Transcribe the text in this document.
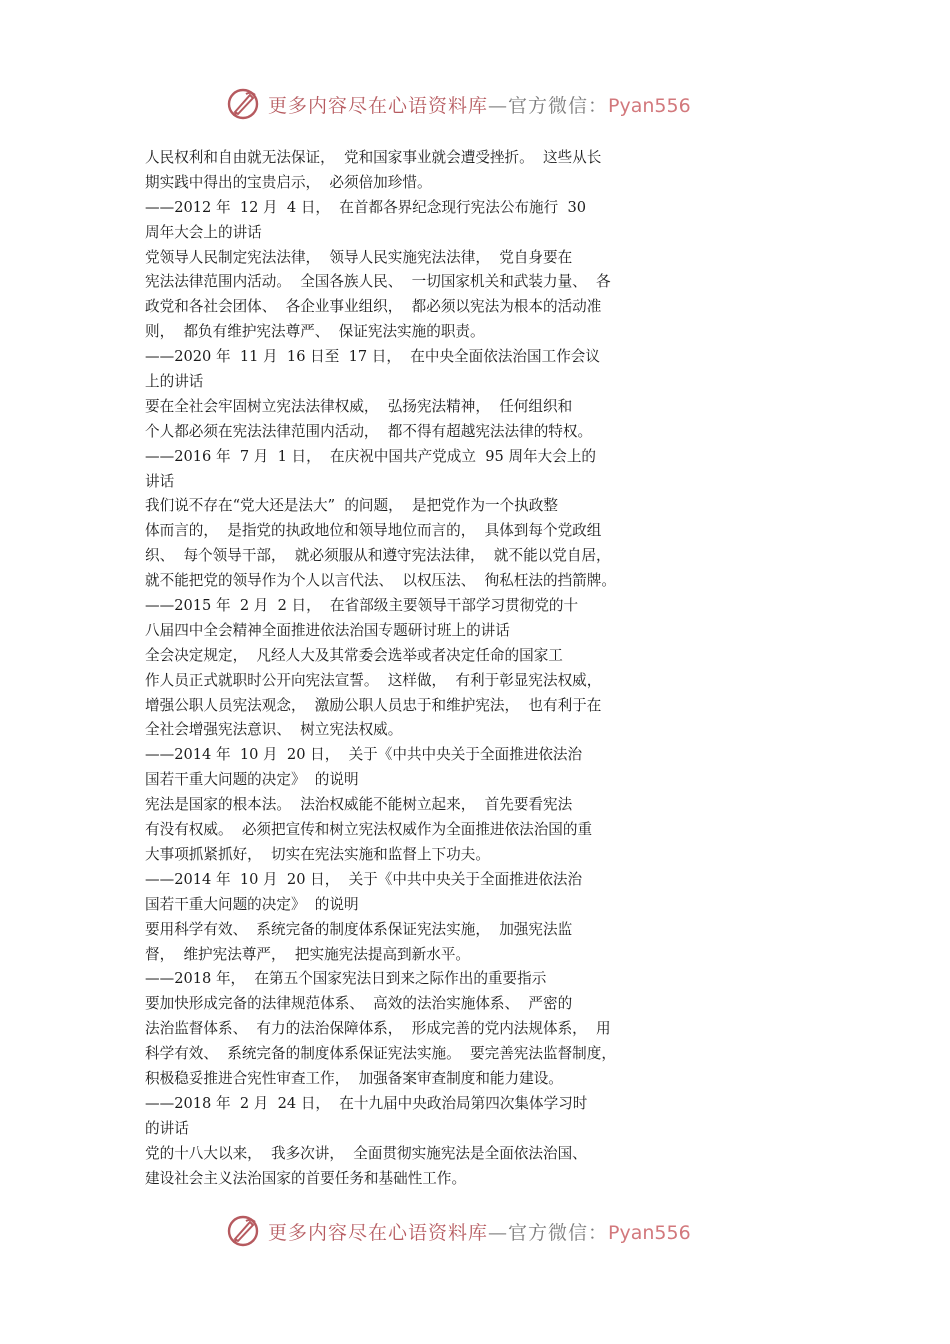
更多内容尽在心语资料库—官方微信：Pyan556
人民权利和自由就无法保证，  党和国家事业就会遭受挫折。  这些从长
期实践中得出的宝贵启示，  必须倍加珍惜。
——2012 年  12 月  4 日，  在首都各界纪念现行宪法公布施行  30
周年大会上的讲话
党领导人民制定宪法法律，  领导人民实施宪法法律，  党自身要在
宪法法律范围内活动。  全国各族人民、  一切国家机关和武装力量、  各
政党和各社会团体、  各企业事业组织，  都必须以宪法为根本的活动准
则，  都负有维护宪法尊严、  保证宪法实施的职责。
——2020 年  11 月  16 日至  17 日，  在中央全面依法治国工作会议
上的讲话
要在全社会牢固树立宪法法律权威，  弘扬宪法精神，  任何组织和
个人都必须在宪法法律范围内活动，  都不得有超越宪法法律的特权。
——2016 年  7 月  1 日，  在庆祝中国共产党成立  95 周年大会上的
讲话
我们说不存在“党大还是法大”  的问题，  是把党作为一个执政整
体而言的，  是指党的执政地位和领导地位而言的，  具体到每个党政组
织、  每个领导干部，  就必须服从和遵守宪法法律，  就不能以党自居，
就不能把党的领导作为个人以言代法、  以权压法、  徇私枉法的挡箭牌。
——2015 年  2 月  2 日，  在省部级主要领导干部学习贯彻党的十
八届四中全会精神全面推进依法治国专题研讨班上的讲话
全会决定规定，  凡经人大及其常委会选举或者决定任命的国家工
作人员正式就职时公开向宪法宣誓。  这样做，  有利于彰显宪法权威，
增强公职人员宪法观念，  激励公职人员忠于和维护宪法，  也有利于在
全社会增强宪法意识、  树立宪法权威。
——2014 年  10 月  20 日，  关于《中共中央关于全面推进依法治
国若干重大问题的决定》  的说明
宪法是国家的根本法。  法治权威能不能树立起来，  首先要看宪法
有没有权威。  必须把宣传和树立宪法权威作为全面推进依法治国的重
大事项抓紧抓好，  切实在宪法实施和监督上下功夫。
——2014 年  10 月  20 日，  关于《中共中央关于全面推进依法治
国若干重大问题的决定》  的说明
要用科学有效、  系统完备的制度体系保证宪法实施，  加强宪法监
督，  维护宪法尊严，  把实施宪法提高到新水平。
——2018 年，  在第五个国家宪法日到来之际作出的重要指示
要加快形成完备的法律规范体系、  高效的法治实施体系、  严密的
法治监督体系、  有力的法治保障体系，  形成完善的党内法规体系，  用
科学有效、  系统完备的制度体系保证宪法实施。  要完善宪法监督制度，
积极稳妥推进合宪性审查工作，  加强备案审查制度和能力建设。
——2018 年  2 月  24 日，  在十九届中央政治局第四次集体学习时
的讲话
党的十八大以来，  我多次讲，  全面贯彻实施宪法是全面依法治国、
建设社会主义法治国家的首要任务和基础性工作。
更多内容尽在心语资料库—官方微信：Pyan556
